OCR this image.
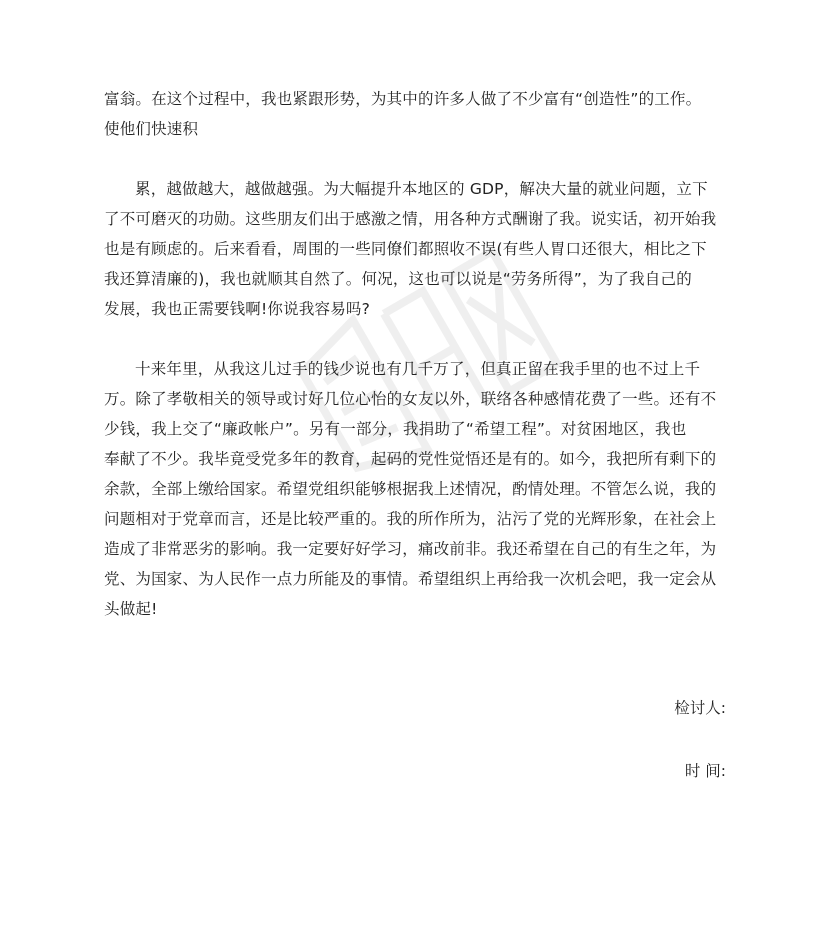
富翁。在这个过程中，我也紧跟形势，为其中的许多人做了不少富有“创造性”的工作。
使他们快速积
累，越做越大，越做越强。为大幅提升本地区的 GDP，解决大量的就业问题，立下
了不可磨灭的功勋。这些朋友们出于感激之情，用各种方式酬谢了我。说实话，初开始我
也是有顾虑的。后来看看，周围的一些同僚们都照收不误(有些人胃口还很大，相比之下
我还算清廉的)，我也就顺其自然了。何况，这也可以说是“劳务所得”，为了我自己的
发展，我也正需要钱啊!你说我容易吗?
十来年里，从我这儿过手的钱少说也有几千万了，但真正留在我手里的也不过上千
万。除了孝敬相关的领导或讨好几位心怡的女友以外，联络各种感情花费了一些。还有不
少钱，我上交了“廉政帐户”。另有一部分，我捐助了“希望工程”。对贫困地区，我也
奉献了不少。我毕竟受党多年的教育，起码的党性觉悟还是有的。如今，我把所有剩下的
余款，全部上缴给国家。希望党组织能够根据我上述情况，酌情处理。不管怎么说，我的
问题相对于党章而言，还是比较严重的。我的所作所为，沾污了党的光辉形象，在社会上
造成了非常恶劣的影响。我一定要好好学习，痛改前非。我还希望在自己的有生之年，为
党、为国家、为人民作一点力所能及的事情。希望组织上再给我一次机会吧，我一定会从
头做起!
检讨人:
时 间:
